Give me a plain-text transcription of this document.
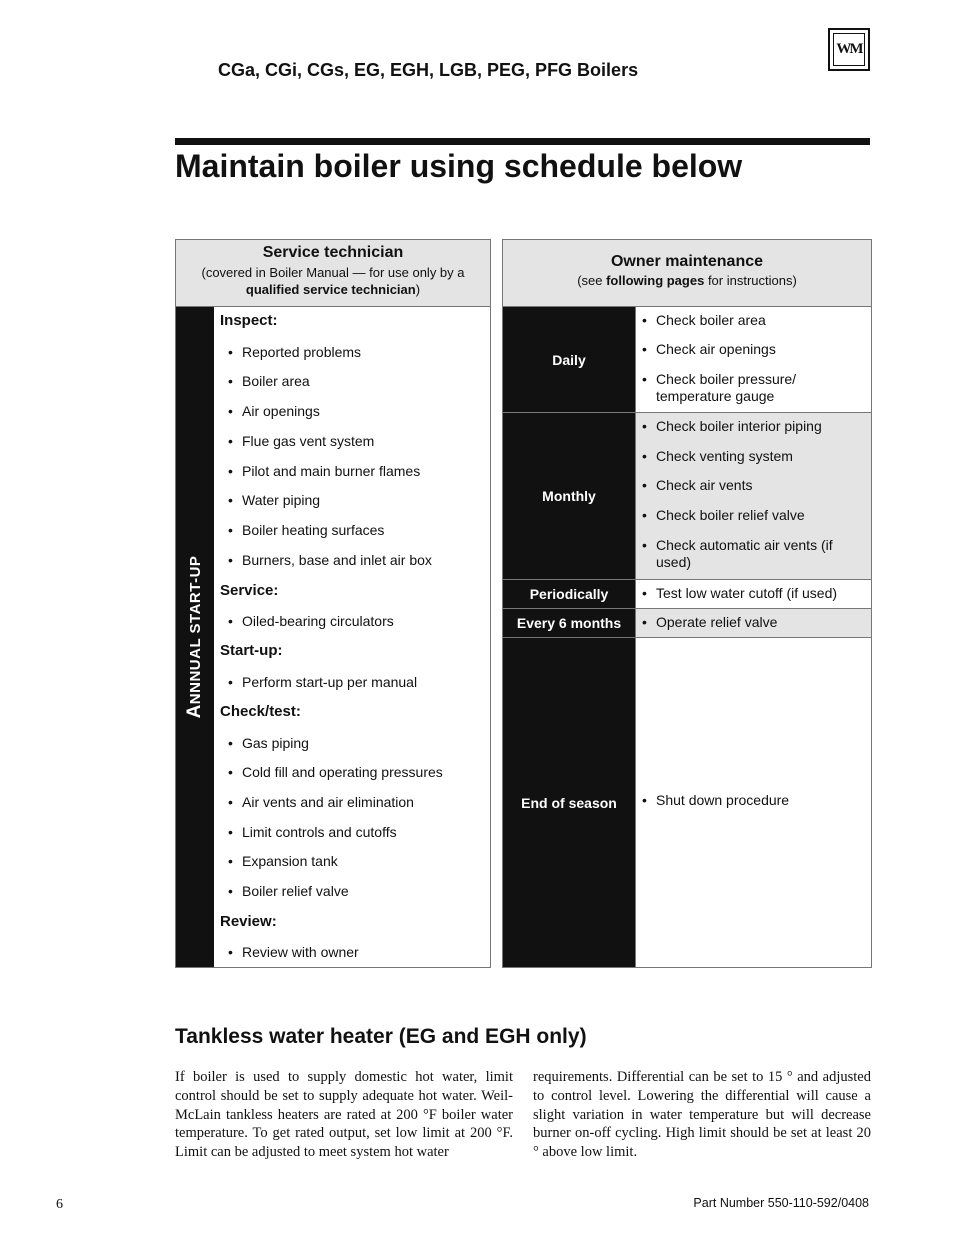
CGa, CGi, CGs, EG, EGH, LGB, PEG, PFG Boilers
WM
Maintain boiler using schedule below
Service technician
(covered in Boiler Manual — for use only by a
qualified service technician)
ANNNUAL START-UP
Inspect:
• Reported problems
• Boiler area
• Air openings
• Flue gas vent system
• Pilot and main burner flames
• Water piping
• Boiler heating surfaces
• Burners, base and inlet air box
Service:
• Oiled-bearing circulators
Start-up:
• Perform start-up per manual
Check/test:
• Gas piping
• Cold fill and operating pressures
• Air vents and air elimination
• Limit controls and cutoffs
• Expansion tank
• Boiler relief valve
Review:
• Review with owner
Owner maintenance
(see following pages for instructions)
Daily
• Check boiler area
• Check air openings
• Check boiler pressure/ temperature gauge
Monthly
• Check boiler interior piping
• Check venting system
• Check air vents
• Check boiler relief valve
• Check automatic air vents (if used)
Periodically	• Test low water cutoff (if used)
Every 6 months	• Operate relief valve
End of season	• Shut down procedure
Tankless water heater (EG and EGH only)
If boiler is used to supply domestic hot water, limit control should be set to supply adequate hot water. Weil-McLain tankless heaters are rated at 200 °F boiler water temperature. To get rated output, set low limit at 200 °F. Limit can be adjusted to meet system hot water
requirements. Differential can be set to 15 ° and adjusted to control level. Lowering the differential will cause a slight variation in water temperature but will decrease burner on-off cycling. High limit should be set at least 20 ° above low limit.
6	Part Number 550-110-592/0408
